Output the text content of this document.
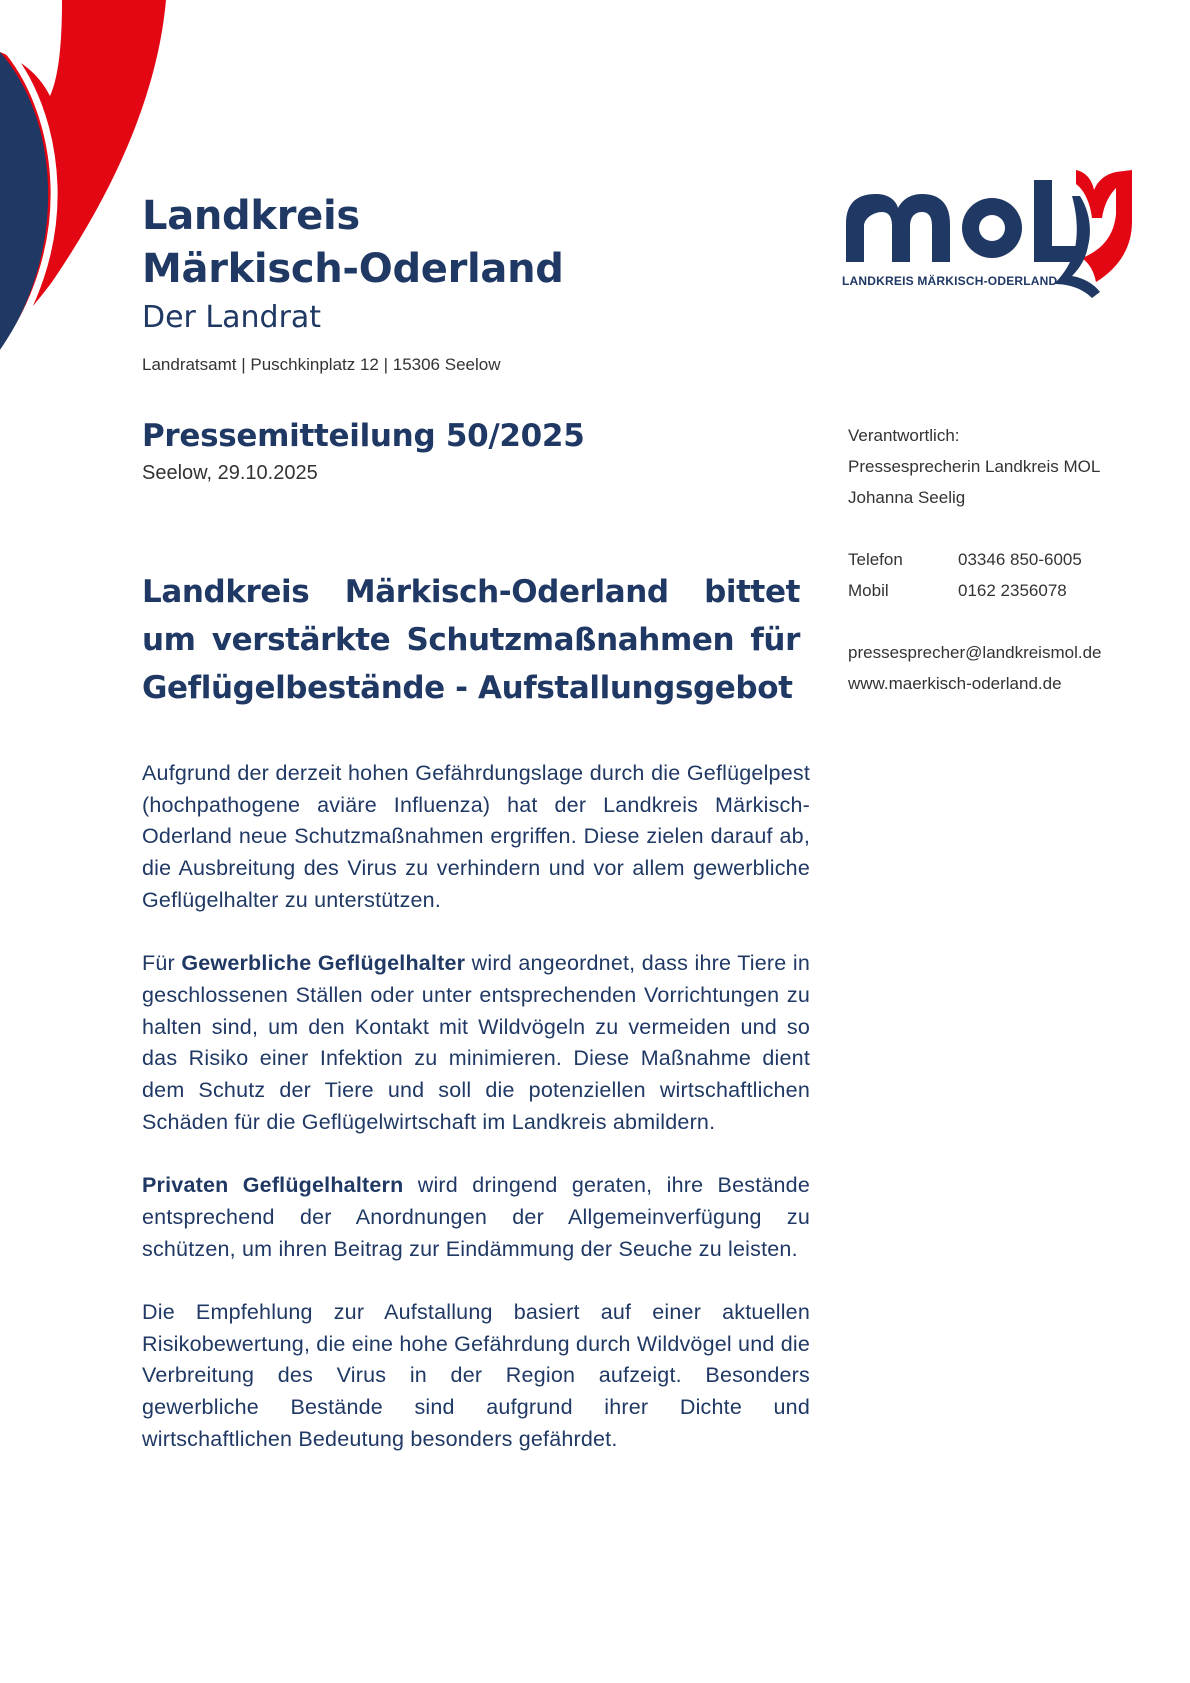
Landkreis
Märkisch-Oderland
Der Landrat
Landratsamt | Puschkinplatz 12 | 15306 Seelow
LANDKREIS MÄRKISCH-ODERLAND
Pressemitteilung 50/2025
Seelow, 29.10.2025
Verantwortlich:
Pressesprecherin Landkreis MOL
Johanna Seelig
Telefon	03346 850-6005
Mobil	0162 2356078
pressesprecher@landkreismol.de
www.maerkisch-oderland.de
Landkreis Märkisch-Oderland bittet um verstärkte Schutzmaßnahmen für Geflügelbestände - Aufstallungsgebot

Aufgrund der derzeit hohen Gefährdungslage durch die Geflügelpest (hochpathogene aviäre Influenza) hat der Landkreis Märkisch-Oderland neue Schutzmaßnahmen ergriffen. Diese zielen darauf ab, die Ausbreitung des Virus zu verhindern und vor allem gewerbliche Geflügelhalter zu unterstützen.

Für Gewerbliche Geflügelhalter wird angeordnet, dass ihre Tiere in geschlossenen Ställen oder unter entsprechenden Vorrichtungen zu halten sind, um den Kontakt mit Wildvögeln zu vermeiden und so das Risiko einer Infektion zu minimieren. Diese Maßnahme dient dem Schutz der Tiere und soll die potenziellen wirtschaftlichen Schäden für die Geflügelwirtschaft im Landkreis abmildern.

Privaten Geflügelhaltern wird dringend geraten, ihre Bestände entsprechend der Anordnungen der Allgemeinverfügung zu schützen, um ihren Beitrag zur Eindämmung der Seuche zu leisten.

Die Empfehlung zur Aufstallung basiert auf einer aktuellen Risikobewertung, die eine hohe Gefährdung durch Wildvögel und die Verbreitung des Virus in der Region aufzeigt. Besonders gewerbliche Bestände sind aufgrund ihrer Dichte und wirtschaftlichen Bedeutung besonders gefährdet.
